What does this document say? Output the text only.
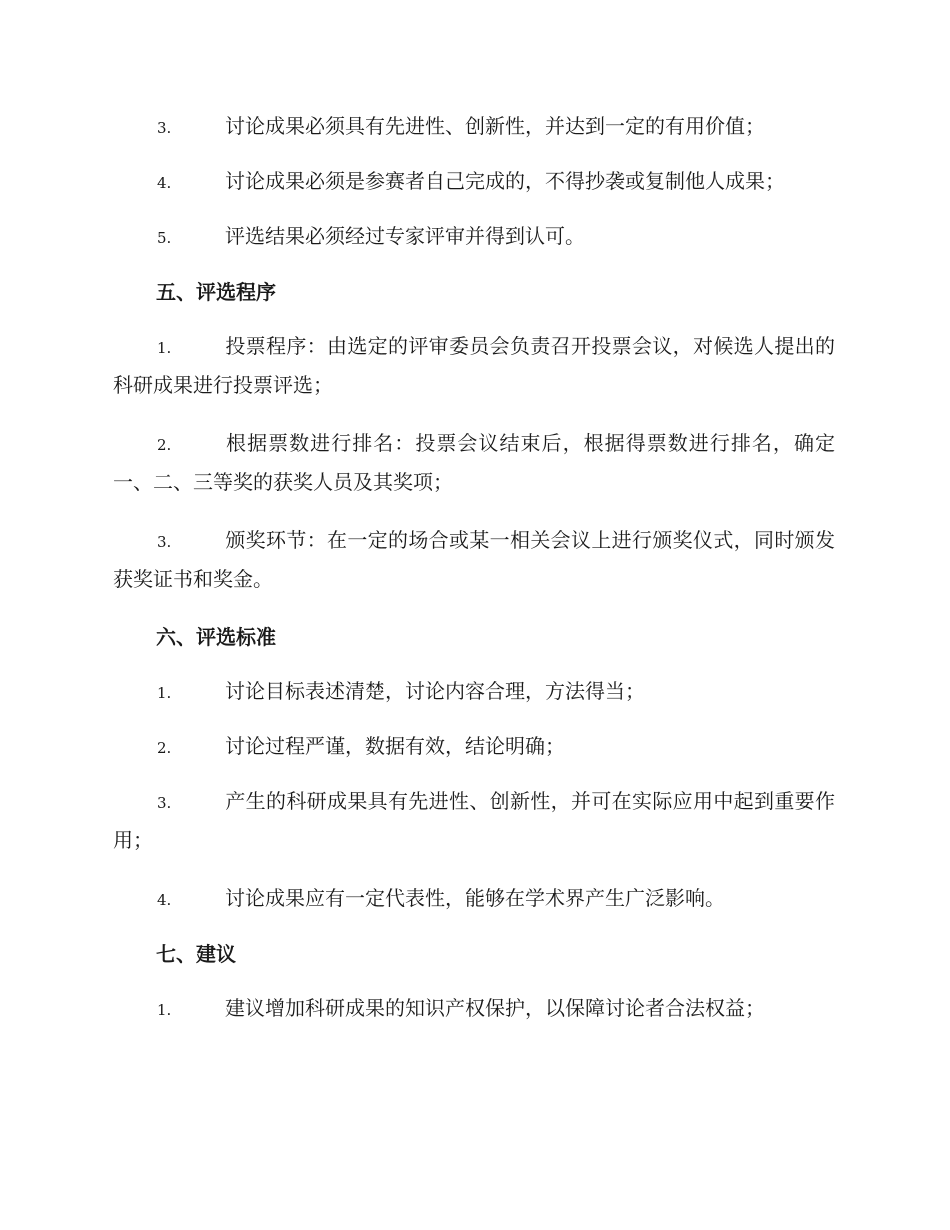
3.	讨论成果必须具有先进性、创新性，并达到一定的有用价值；

4.	讨论成果必须是参赛者自己完成的，不得抄袭或复制他人成果；

5.	评选结果必须经过专家评审并得到认可。

五、评选程序

1.	投票程序：由选定的评审委员会负责召开投票会议，对候选人提出的科研成果进行投票评选；

2.	根据票数进行排名：投票会议结束后，根据得票数进行排名，确定一、二、三等奖的获奖人员及其奖项；

3.	颁奖环节：在一定的场合或某一相关会议上进行颁奖仪式，同时颁发获奖证书和奖金。

六、评选标准

1.	讨论目标表述清楚，讨论内容合理，方法得当；

2.	讨论过程严谨，数据有效，结论明确；

3.	产生的科研成果具有先进性、创新性，并可在实际应用中起到重要作用；

4.	讨论成果应有一定代表性，能够在学术界产生广泛影响。

七、建议

1.	建议增加科研成果的知识产权保护，以保障讨论者合法权益；
